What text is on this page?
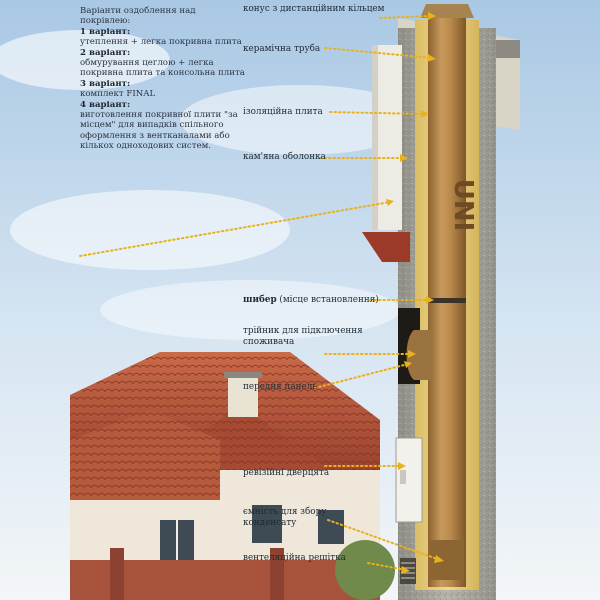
UNI
Варіанти оздоблення над покрівлею:
1 варіант:
утеплення + легка покривна плита
2 варіант:
обмурування цеглою + легка покривна плита та консольна плита
3 варіант:
комплект FINAL
4 варіант:
виготовлення покривної плити "за місцем" для випадків спільного оформлення з вентканалами або кількох одноходових систем.
конус з дистанційним кільцем
керамічна труба
ізоляційна плита
кам'яна оболонка
шибер (місце встановлення)
трійник для підключення споживача
передня панель
ревізійні дверцята
ємність для збору конденсату
вентеляційна решітка
